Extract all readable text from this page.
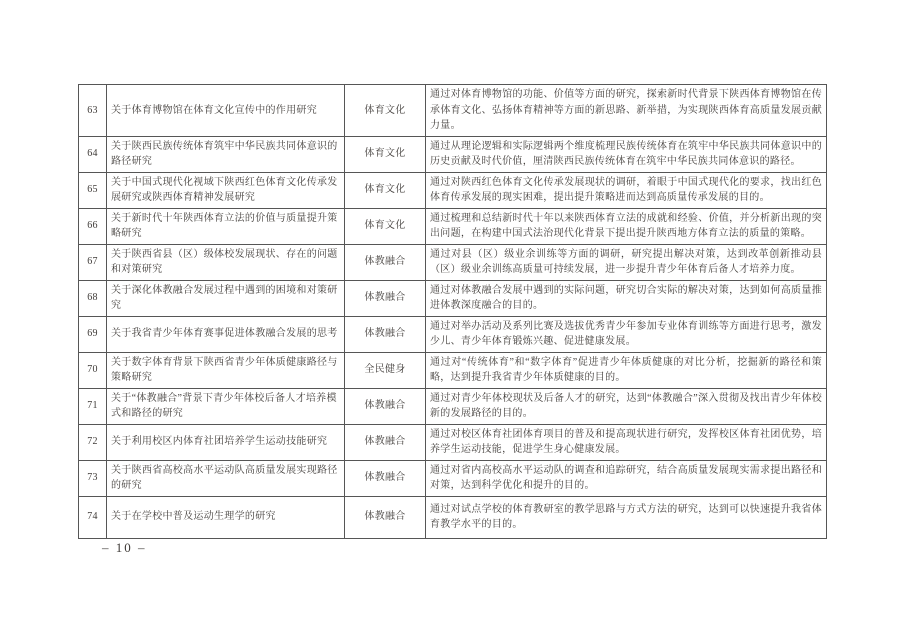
63	关于体育博物馆在体育文化宣传中的作用研究	体育文化	通过对体育博物馆的功能、价值等方面的研究，探索新时代背景下陕西体育博物馆在传承体育文化、弘扬体育精神等方面的新思路、新举措，为实现陕西体育高质量发展贡献力量。
64	关于陕西民族传统体育筑牢中华民族共同体意识的路径研究	体育文化	通过从理论逻辑和实际逻辑两个维度梳理民族传统体育在筑牢中华民族共同体意识中的历史贡献及时代价值，厘清陕西民族传统体育在筑牢中华民族共同体意识的路径。
65	关于中国式现代化视域下陕西红色体育文化传承发展研究或陕西体育精神发展研究	体育文化	通过对陕西红色体育文化传承发展现状的调研，着眼于中国式现代化的要求，找出红色体育传承发展的现实困难，提出提升策略进而达到高质量传承发展的目的。
66	关于新时代十年陕西体育立法的价值与质量提升策略研究	体育文化	通过梳理和总结新时代十年以来陕西体育立法的成就和经验、价值，并分析新出现的突出问题，在构建中国式法治现代化背景下提出提升陕西地方体育立法的质量的策略。
67	关于陕西省县（区）级体校发展现状、存在的问题和对策研究	体教融合	通过对县（区）级业余训练等方面的调研，研究提出解决对策，达到改革创新推动县（区）级业余训练高质量可持续发展，进一步提升青少年体育后备人才培养力度。
68	关于深化体教融合发展过程中遇到的困境和对策研究	体教融合	通过对体教融合发展中遇到的实际问题，研究切合实际的解决对策，达到如何高质量推进体教深度融合的目的。
69	关于我省青少年体育赛事促进体教融合发展的思考	体教融合	通过对举办活动及系列比赛及选拔优秀青少年参加专业体育训练等方面进行思考，激发少儿、青少年体育锻炼兴趣、促进健康发展。
70	关于数字体育背景下陕西省青少年体质健康路径与策略研究	全民健身	通过对“传统体育”和“数字体育”促进青少年体质健康的对比分析，挖掘新的路径和策略，达到提升我省青少年体质健康的目的。
71	关于“体教融合”背景下青少年体校后备人才培养模式和路径的研究	体教融合	通过对青少年体校现状及后备人才的研究，达到“体教融合”深入贯彻及找出青少年体校新的发展路径的目的。
72	关于利用校区内体育社团培养学生运动技能研究	体教融合	通过对校区体育社团体育项目的普及和提高现状进行研究，发挥校区体育社团优势，培养学生运动技能，促进学生身心健康发展。
73	关于陕西省高校高水平运动队高质量发展实现路径的研究	体教融合	通过对省内高校高水平运动队的调查和追踪研究，结合高质量发展现实需求提出路径和对策，达到科学优化和提升的目的。
74	关于在学校中普及运动生理学的研究	体教融合	通过对试点学校的体育教研室的教学思路与方式方法的研究，达到可以快速提升我省体育教学水平的目的。
– 10 –
